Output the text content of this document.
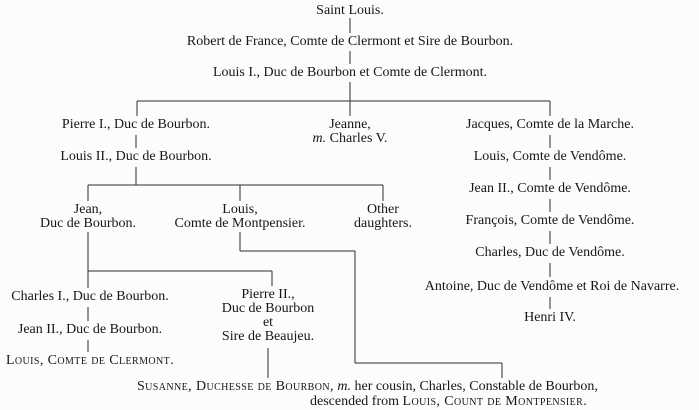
Saint Louis.
Robert de France, Comte de Clermont et Sire de Bourbon.
Louis I., Duc de Bourbon et Comte de Clermont.
Pierre I., Duc de Bourbon.	Jeanne,
m. Charles V.
Jacques, Comte de la Marche.
Louis II., Duc de Bourbon.	Louis, Comte de Vendôme.
Jean,
Duc de Bourbon.
Louis,
Comte de Montpensier.
Other
daughters.
Jean II., Comte de Vendôme.
François, Comte de Vendôme.
Charles, Duc de Vendôme.
Antoine, Duc de Vendôme et Roi de Navarre.
Henri IV.
Charles I., Duc de Bourbon.	Pierre II.,
Duc de Bourbon
et
Sire de Beaujeu.
Jean II., Duc de Bourbon.
Louis, Comte de Clermont.
Susanne, Duchesse de Bourbon, m. her cousin, Charles, Constable de Bourbon,
descended from Louis, Count de Montpensier.
